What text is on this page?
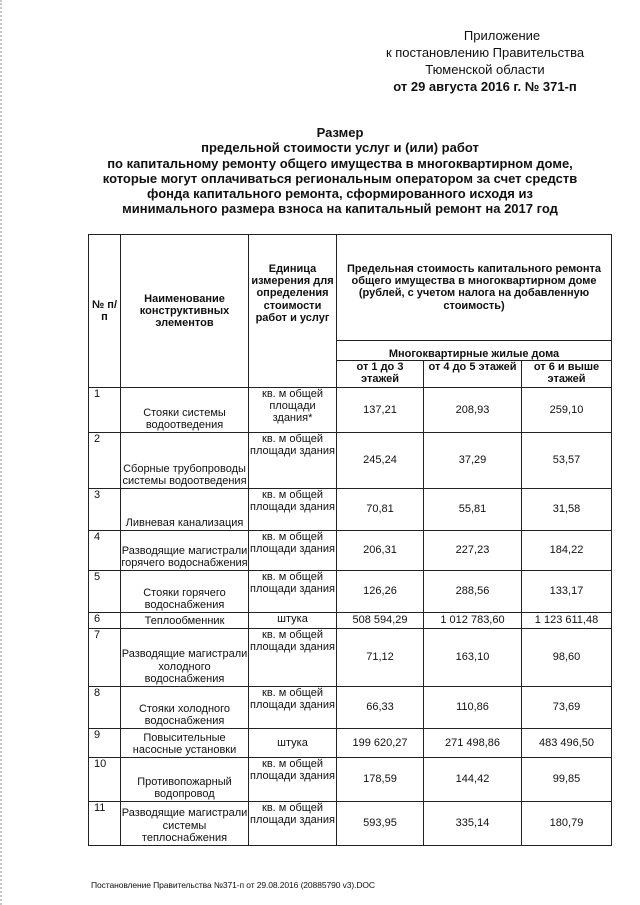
Приложение
к постановлению Правительства
Тюменской области
от 29 августа 2016 г. № 371-п
Размер
предельной стоимости услуг и (или) работ
по капитальному ремонту общего имущества в многоквартирном доме,
которые могут оплачиваться региональным оператором за счет средств
фонда капитального ремонта, сформированного исходя из
минимального размера взноса на капитальный ремонт на 2017 год
№ п/п	Наименование конструктивных элементов	Единица измерения для определения стоимости работ и услуг	Предельная стоимость капитального ремонта общего имущества в многоквартирном доме (рублей, с учетом налога на добавленную стоимость)		
			Многоквартирные жилые дома		
			от 1 до 3 этажей	от 4 до 5 этажей	от 6 и выше этажей
1	Стояки системы водоотведения	кв. м общей площади здания*	137,21	208,93	259,10
2	Сборные трубопроводы системы водоотведения	кв. м общей площади здания	245,24	37,29	53,57
3	Ливневая канализация	кв. м общей площади здания	70,81	55,81	31,58
4	Разводящие магистрали горячего водоснабжения	кв. м общей площади здания	206,31	227,23	184,22
5	Стояки горячего водоснабжения	кв. м общей площади здания	126,26	288,56	133,17
6	Теплообменник	штука	508 594,29	1 012 783,60	1 123 611,48
7	Разводящие магистрали холодного водоснабжения	кв. м общей площади здания	71,12	163,10	98,60
8	Стояки холодного водоснабжения	кв. м общей площади здания	66,33	110,86	73,69
9	Повысительные насосные установки	штука	199 620,27	271 498,86	483 496,50
10	Противопожарный водопровод	кв. м общей площади здания	178,59	144,42	99,85
11	Разводящие магистрали системы теплоснабжения	кв. м общей площади здания	593,95	335,14	180,79
Постановление Правительства №371-п от 29.08.2016 (20885790 v3).DOC
